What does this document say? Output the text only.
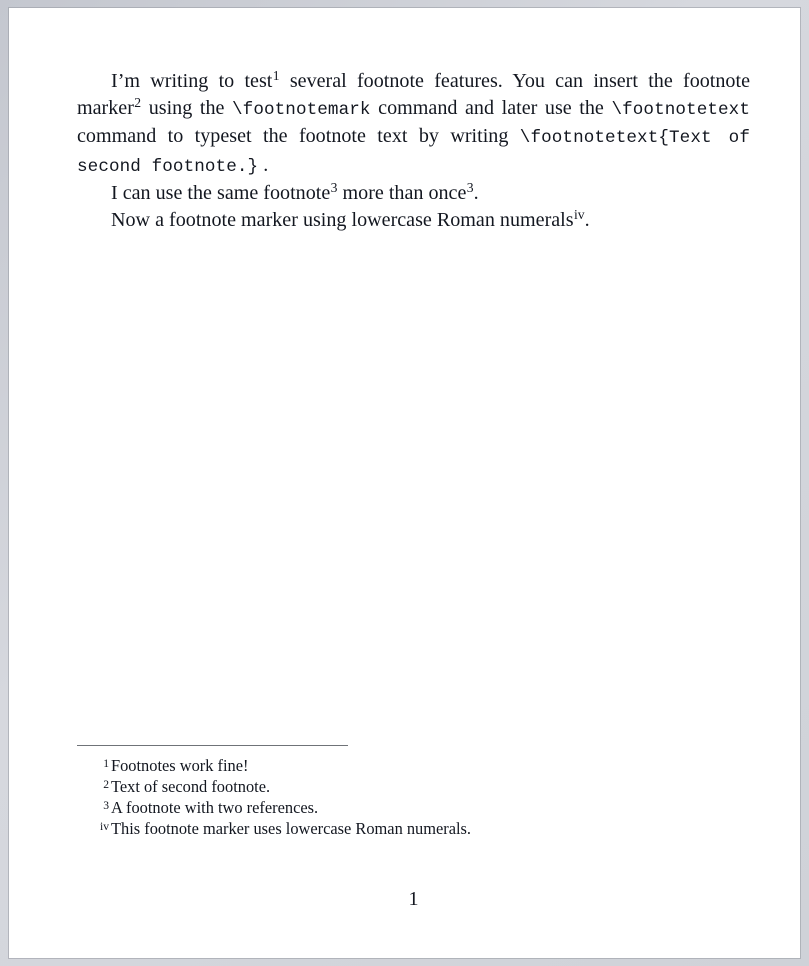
I’m writing to test$^1$ several footnote features. You can insert the footnote marker$^2$ using the \footnotemark command and later use the \footnotetext command to typeset the footnote text by writing \footnotetext{Text of second footnote.} .

I can use the same footnote$^3$ more than once$^3$.

Now a footnote marker using lowercase Roman numerals$^{iv}$.

1 Footnotes work fine!

2 Text of second footnote.

3 A footnote with two references.

iv This footnote marker uses lowercase Roman numerals.

1
